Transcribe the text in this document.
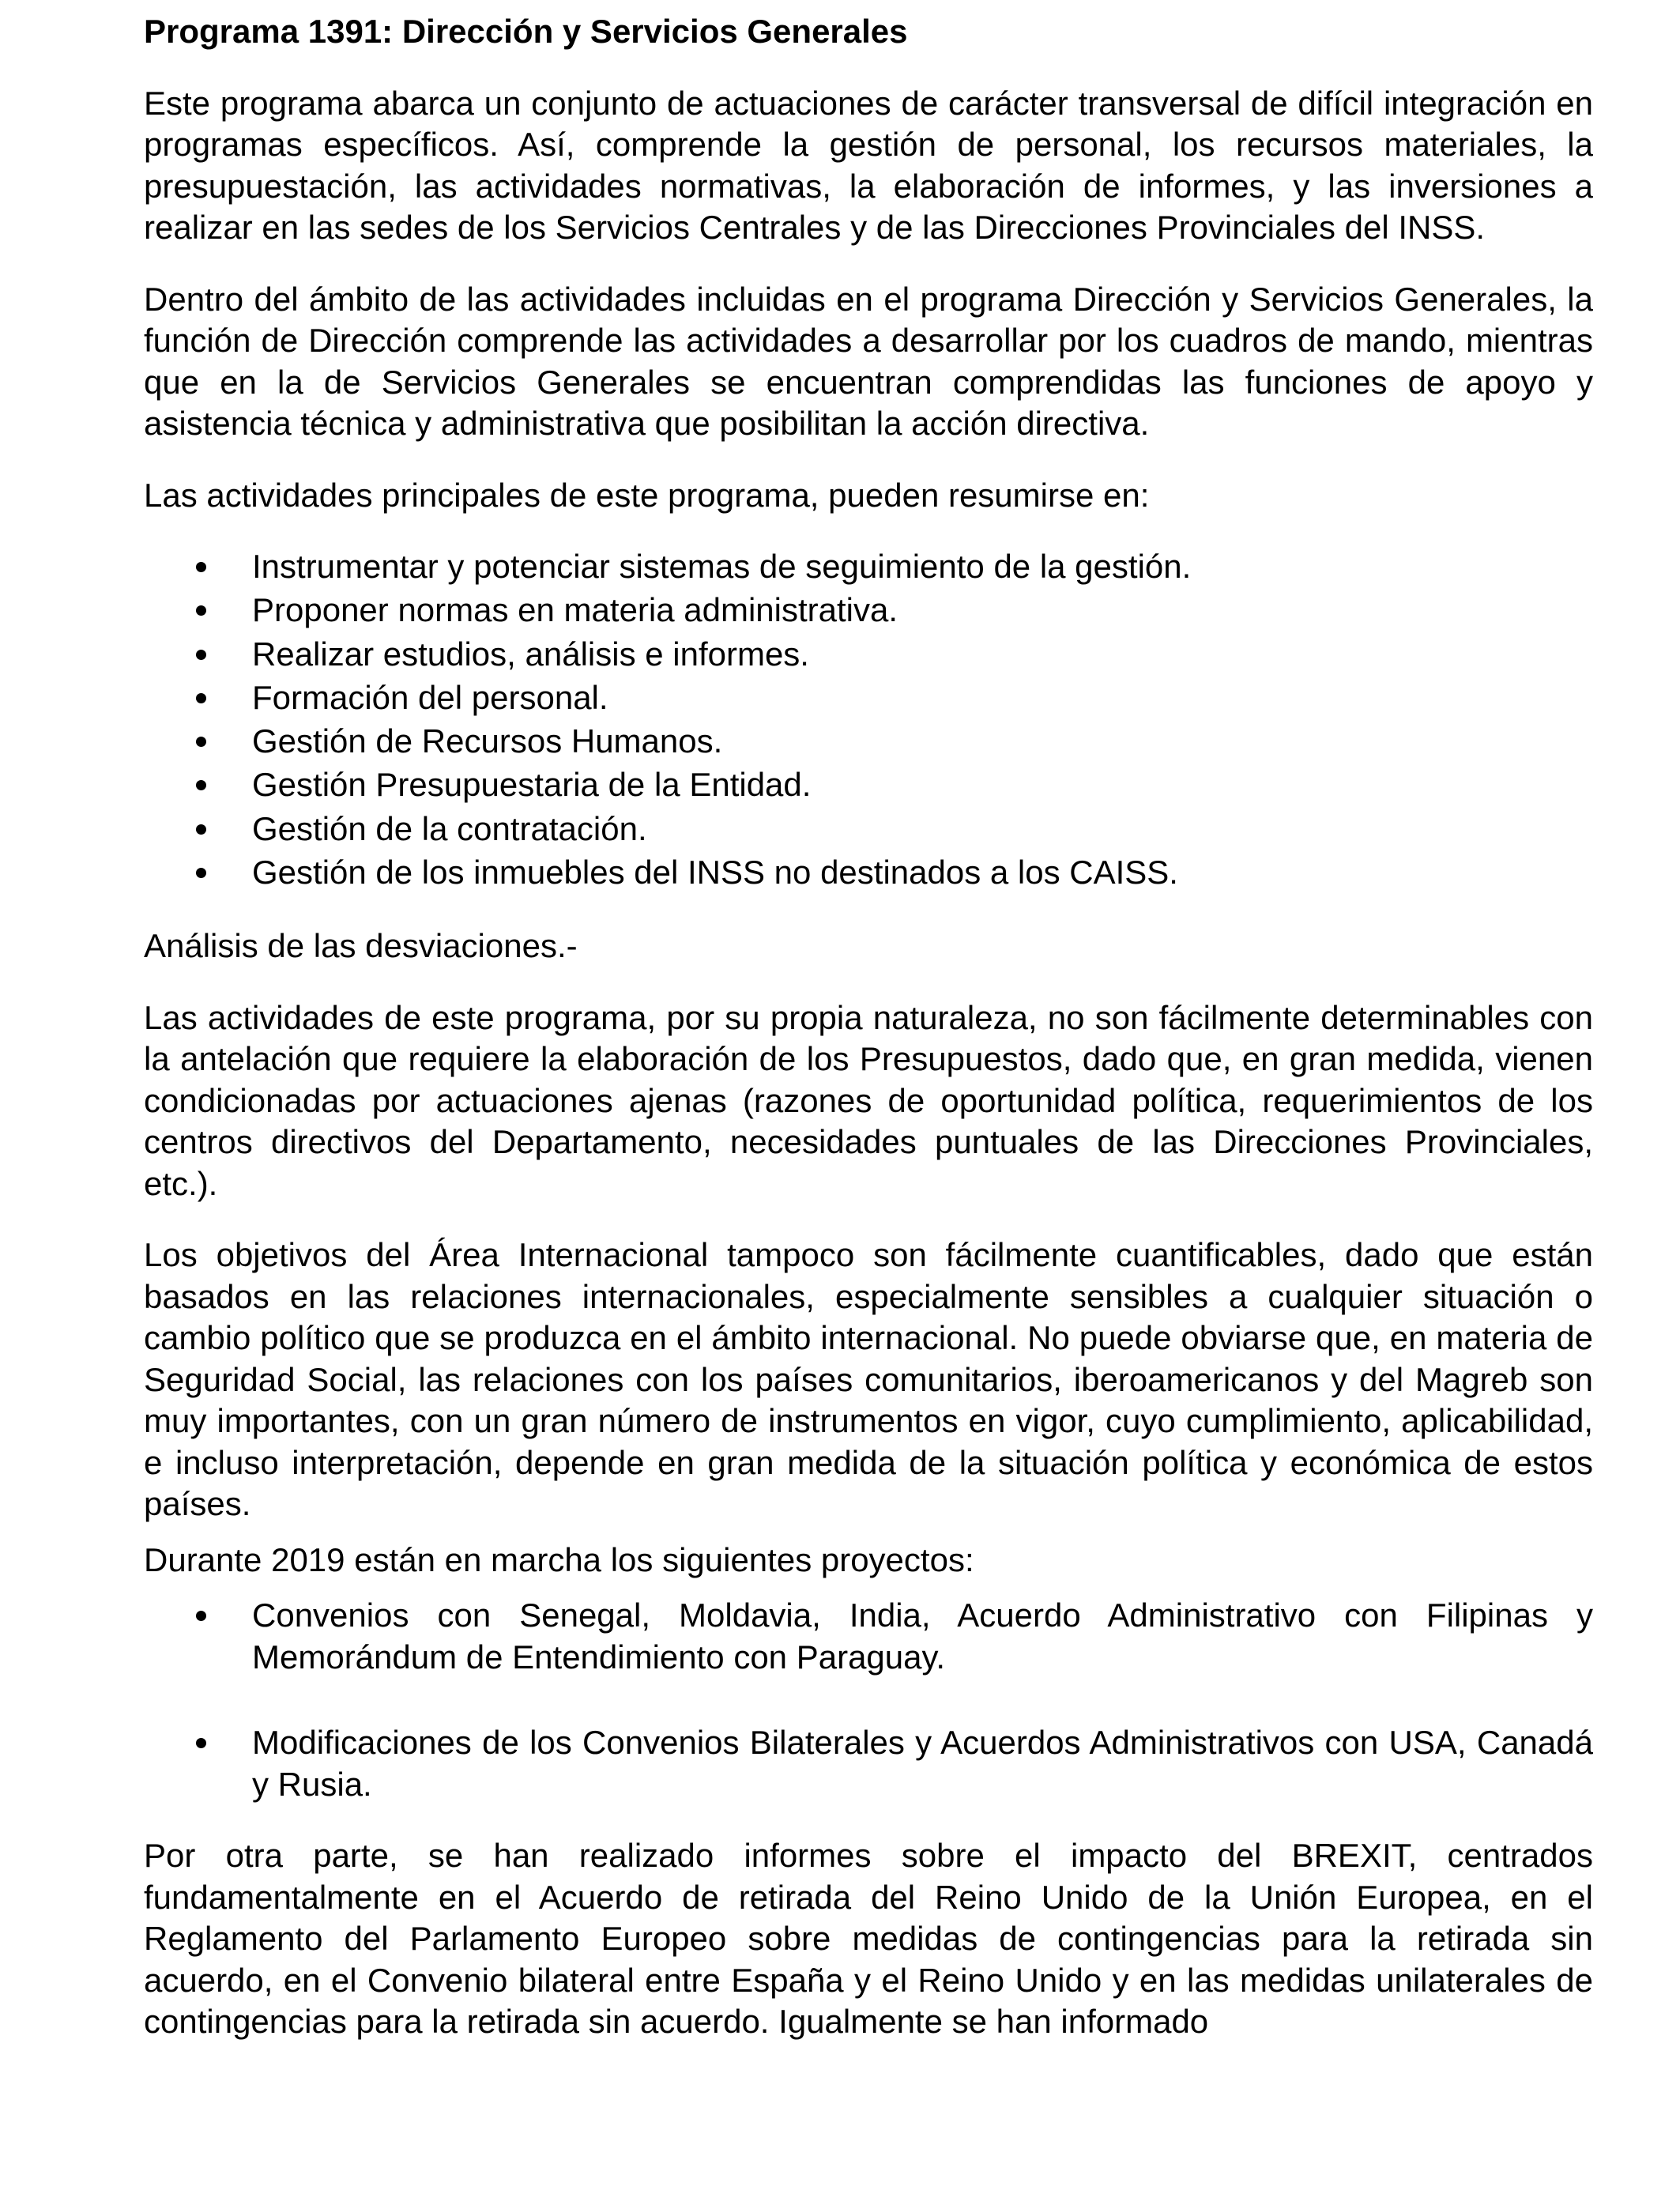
Programa 1391: Dirección y Servicios Generales

Este programa abarca un conjunto de actuaciones de carácter transversal de difícil integración en programas específicos. Así, comprende la gestión de personal, los recursos materiales, la presupuestación, las actividades normativas, la elaboración de informes, y las inversiones a realizar en las sedes de los Servicios Centrales y de las Direcciones Provinciales del INSS.

Dentro del ámbito de las actividades incluidas en el programa Dirección y Servicios Generales, la función de Dirección comprende las actividades a desarrollar por los cuadros de mando, mientras que en la de Servicios Generales se encuentran comprendidas las funciones de apoyo y asistencia técnica y administrativa que posibilitan la acción directiva.

Las actividades principales de este programa, pueden resumirse en:

Instrumentar y potenciar sistemas de seguimiento de la gestión.
Proponer normas en materia administrativa.
Realizar estudios, análisis e informes.
Formación del personal.
Gestión de Recursos Humanos.
Gestión Presupuestaria de la Entidad.
Gestión de la contratación.
Gestión de los inmuebles del INSS no destinados a los CAISS.

Análisis de las desviaciones.-

Las actividades de este programa, por su propia naturaleza, no son fácilmente determinables con la antelación que requiere la elaboración de los Presupuestos, dado que, en gran medida, vienen condicionadas por actuaciones ajenas (razones de oportunidad política, requerimientos de los centros directivos del Departamento, necesidades puntuales de las Direcciones Provinciales, etc.).

Los objetivos del Área Internacional tampoco son fácilmente cuantificables, dado que están basados en las relaciones internacionales, especialmente sensibles a cualquier situación o cambio político que se produzca en el ámbito internacional. No puede obviarse que, en materia de Seguridad Social, las relaciones con los países comunitarios, iberoamericanos y del Magreb son muy importantes, con un gran número de instrumentos en vigor, cuyo cumplimiento, aplicabilidad, e incluso interpretación, depende en gran medida de la situación política y económica de estos países.

Durante 2019 están en marcha los siguientes proyectos:

Convenios con Senegal, Moldavia, India, Acuerdo Administrativo con Filipinas y Memorándum de Entendimiento con Paraguay.
Modificaciones de los Convenios Bilaterales y Acuerdos Administrativos con USA, Canadá y Rusia.

Por otra parte, se han realizado informes sobre el impacto del BREXIT, centrados fundamentalmente en el Acuerdo de retirada del Reino Unido de la Unión Europea, en el Reglamento del Parlamento Europeo sobre medidas de contingencias para la retirada sin acuerdo, en el Convenio bilateral entre España y el Reino Unido y en las medidas unilaterales de contingencias para la retirada sin acuerdo. Igualmente se han informado
